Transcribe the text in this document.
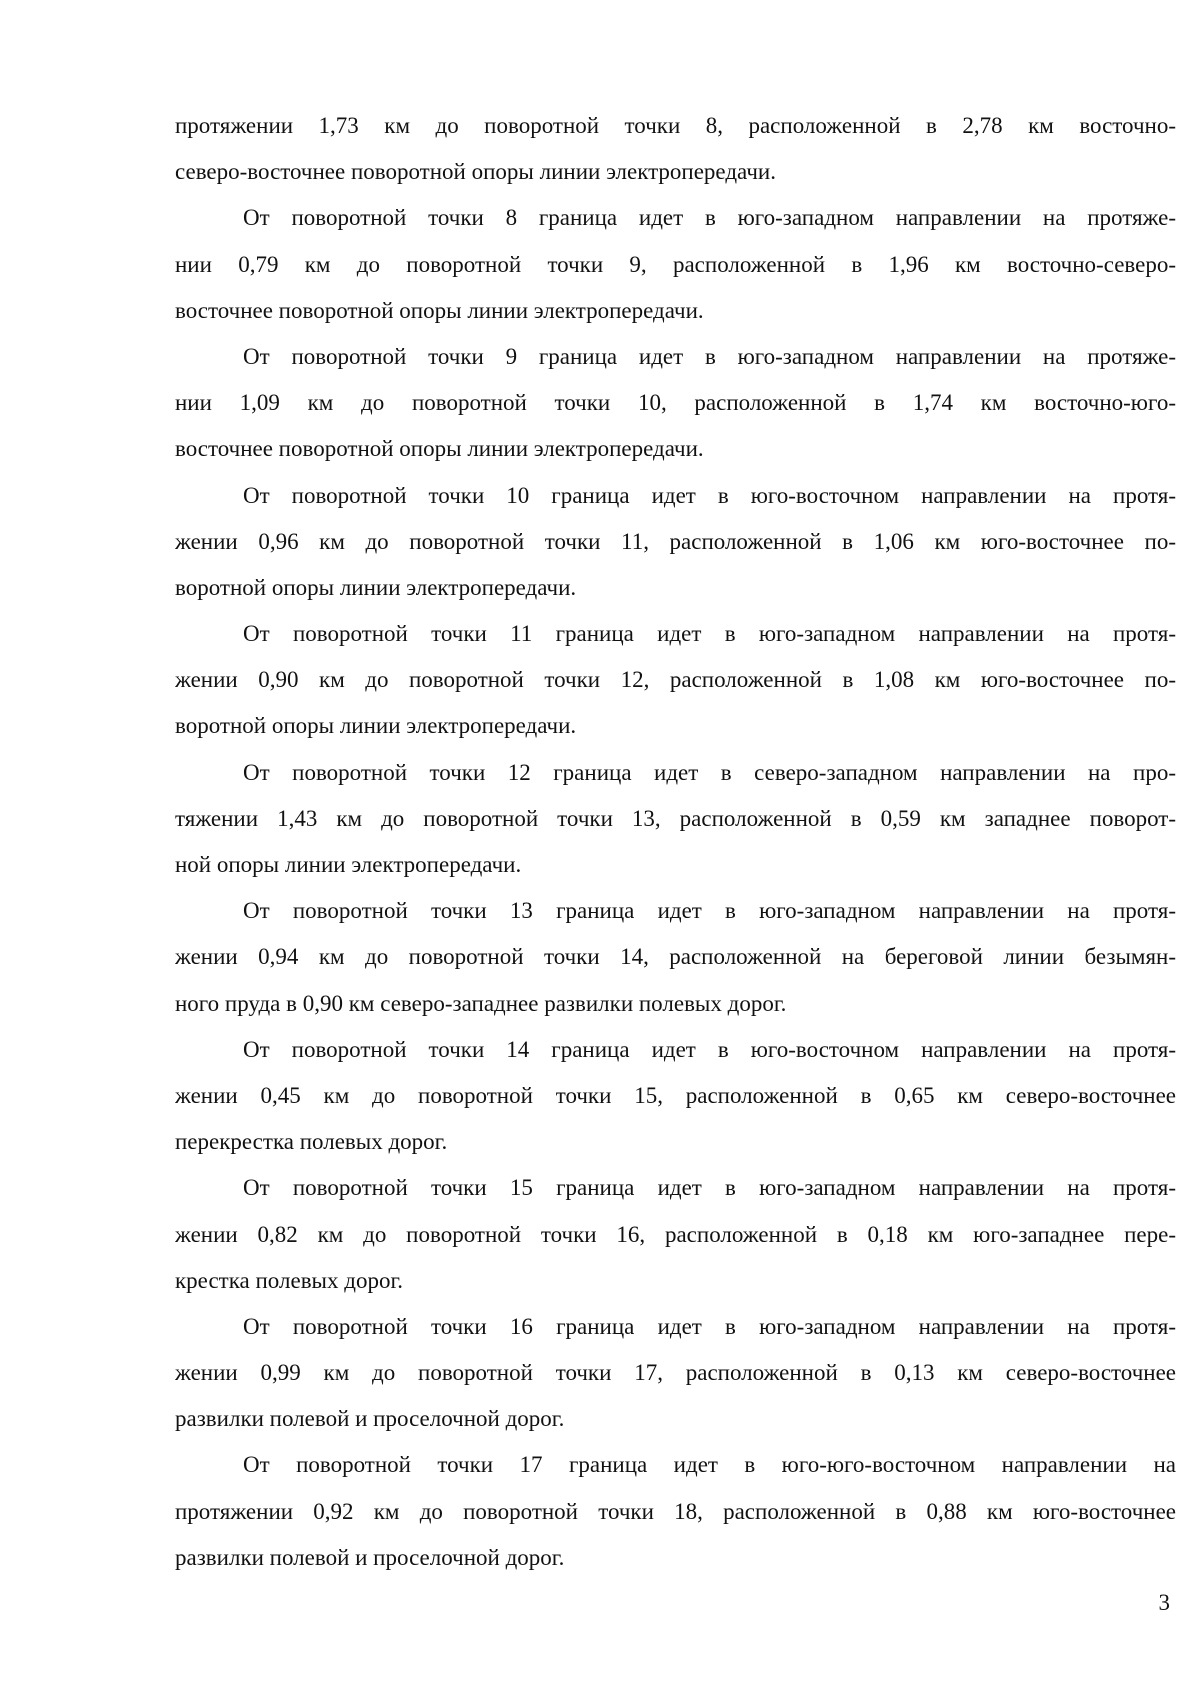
протяжении 1,73 км до поворотной точки 8, расположенной в 2,78 км восточно-
северо-восточнее поворотной опоры линии электропередачи.
От поворотной точки 8 граница идет в юго-западном направлении на протяже-
нии 0,79 км до поворотной точки 9, расположенной в 1,96 км восточно-северо-
восточнее поворотной опоры линии электропередачи.
От поворотной точки 9 граница идет в юго-западном направлении на протяже-
нии 1,09 км до поворотной точки 10, расположенной в 1,74 км восточно-юго-
восточнее поворотной опоры линии электропередачи.
От поворотной точки 10 граница идет в юго-восточном направлении на протя-
жении 0,96 км до поворотной точки 11, расположенной в 1,06 км юго-восточнее по-
воротной опоры линии электропередачи.
От поворотной точки 11 граница идет в юго-западном направлении на протя-
жении 0,90 км до поворотной точки 12, расположенной в 1,08 км юго-восточнее по-
воротной опоры линии электропередачи.
От поворотной точки 12 граница идет в северо-западном направлении на про-
тяжении 1,43 км до поворотной точки 13, расположенной в 0,59 км западнее поворот-
ной опоры линии электропередачи.
От поворотной точки 13 граница идет в юго-западном направлении на протя-
жении 0,94 км до поворотной точки 14, расположенной на береговой линии безымян-
ного пруда в 0,90 км северо-западнее развилки полевых дорог.
От поворотной точки 14 граница идет в юго-восточном направлении на протя-
жении 0,45 км до поворотной точки 15, расположенной в 0,65 км северо-восточнее
перекрестка полевых дорог.
От поворотной точки 15 граница идет в юго-западном направлении на протя-
жении 0,82 км до поворотной точки 16, расположенной в 0,18 км юго-западнее пере-
крестка полевых дорог.
От поворотной точки 16 граница идет в юго-западном направлении на протя-
жении 0,99 км до поворотной точки 17, расположенной в 0,13 км северо-восточнее
развилки полевой и проселочной дорог.
От поворотной точки 17 граница идет в юго-юго-восточном направлении на
протяжении 0,92 км до поворотной точки 18, расположенной в 0,88 км юго-восточнее
развилки полевой и проселочной дорог.
3
